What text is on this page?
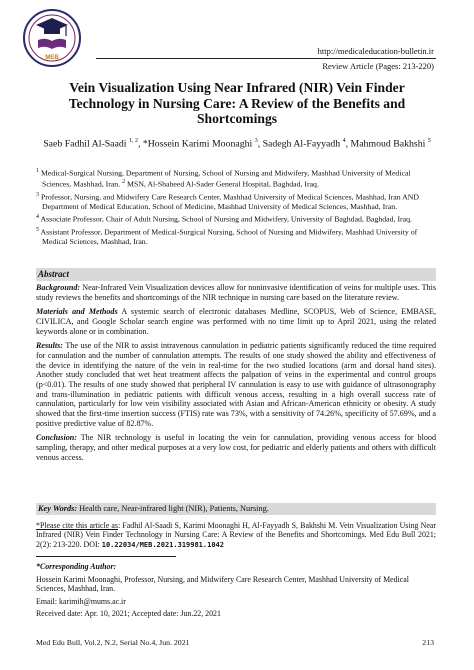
MEB
http://medicaleducation-bulletin.ir
Review Article (Pages: 213-220)
Vein Visualization Using Near Infrared (NIR) Vein Finder Technology in Nursing Care: A Review of the Benefits and Shortcomings
Saeb Fadhil Al-Saadi $^{1, 2}$, *Hossein Karimi Moonaghi $^3$, Sadegh Al-Fayyadh $^4$, Mahmoud Bakhshi $^5$

$^1$ Medical-Surgical Nursing, Department of Nursing, School of Nursing and Midwifery, Mashhad University of Medical Sciences, Mashhad, Iran. $^2$ MSN, Al-Shaheed Al-Sader General Hospital, Baghdad, Iraq.

$^3$ Professor, Nursing, and Midwifery Care Research Center, Mashhad University of Medical Sciences, Mashhad, Iran AND Department of Medical Education, School of Medicine, Mashhad University of Medical Sciences, Mashhad, Iran.

$^4$ Associate Professor, Chair of Adult Nursing, School of Nursing and Midwifery, University of Baghdad, Baghdad, Iraq.

$^5$ Assistant Professor, Department of Medical-Surgical Nursing, School of Nursing and Midwifery, Mashhad University of Medical Sciences, Mashhad, Iran.

Abstract

Background: Near-Infrared Vein Visualization devices allow for noninvasive identification of veins for multiple uses. This study reviews the benefits and shortcomings of the NIR technique in nursing care based on the literature review.

Materials and Methods A systemic search of electronic databases Medline, SCOPUS, Web of Science, EMBASE, CIVILICA, and Google Scholar search engine was performed with no time limit up to April 2021, using the related keywords alone or in combination.

Results: The use of the NIR to assist intravenous cannulation in pediatric patients significantly reduced the time required for cannulation and the number of cannulation attempts. The results of one study showed the ability and effectiveness of the device in identifying the nature of the vein in real-time for the two studied locations (arm and dorsal hand sites). Another study concluded that wet heat treatment affects the palpation of veins in the experimental and control groups (p<0.01). The results of one study showed that peripheral IV cannulation is easy to use with guidance of ultrasonography and trans-illumination in pediatric patients with difficult venous access, resulting in a high overall success rate of cannulation, particularly for low vein visibility associated with Asian and African-American ethnicity or obesity. A study showed that the first-time insertion success (FTIS) rate was 73%, with a sensitivity of 74.26%, specificity of 57.69%, and a positive predictive value of 82.87%.

Conclusion: The NIR technology is useful in locating the vein for cannulation, providing venous access for blood sampling, therapy, and other medical purposes at a very low cost, for pediatric and elderly patients and others with difficult venous access.

Key Words: Health care, Near-infrared light (NIR), Patients, Nursing.
*Please cite this article as: Fadhil Al-Saadi S, Karimi Moonaghi H, Al-Fayyadh S, Bakhshi M. Vein Visualization Using Near Infrared (NIR) Vein Finder Technology in Nursing Care: A Review of the Benefits and Shortcomings. Med Edu Bull 2021; 2(2): 213-220. DOI: 10.22034/MEB.2021.319981.1042

*Corresponding Author:

Hossein Karimi Moonaghi, Professor, Nursing, and Midwifery Care Research Center, Mashhad University of Medical Sciences, Mashhad, Iran.

Email: karimih@mums.ac.ir

Received date: Apr. 10, 2021; Accepted date: Jun.22, 2021

Med Edu Bull, Vol.2, N.2, Serial No.4, Jun. 2021	213
